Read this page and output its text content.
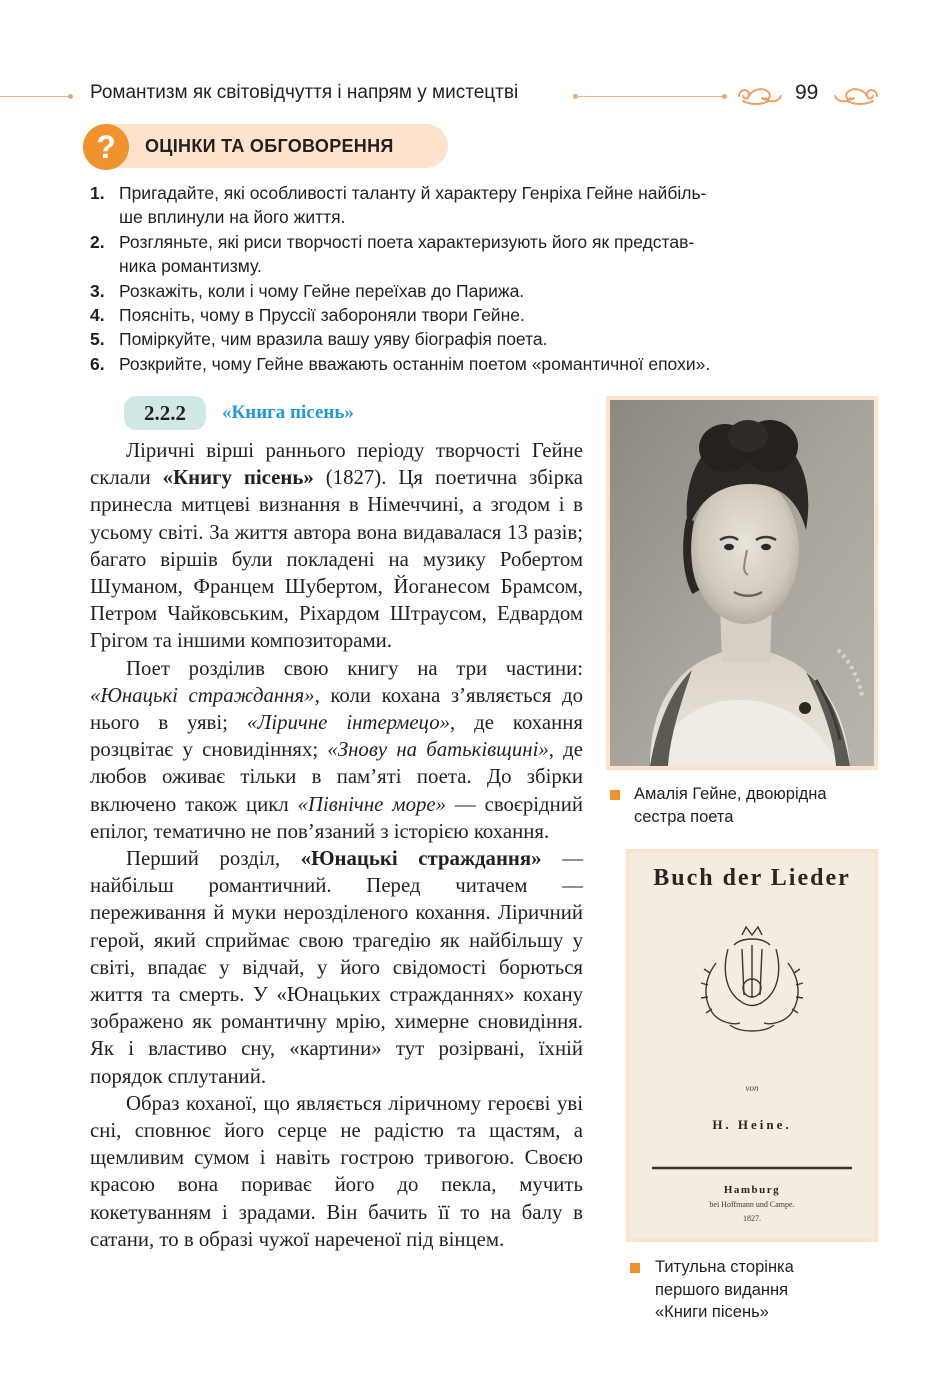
Романтизм як світовідчуття і напрям у мистецтві	99
?	ОЦІНКИ ТА ОБГОВОРЕННЯ
1. Пригадайте, які особливості таланту й характеру Генріха Гейне найбіль-
ше вплинули на його життя.
2. Розгляньте, які риси творчості поета характеризують його як представ-
ника романтизму.
3. Розкажіть, коли і чому Гейне переїхав до Парижа.
4. Поясніть, чому в Пруссії забороняли твори Гейне.
5. Поміркуйте, чим вразила вашу уяву біографія поета.
6. Розкрийте, чому Гейне вважають останнім поетом «романтичної епохи».
2.2.2	«Книга пісень»

Ліричні вірші раннього періоду творчості Гейне склали «Книгу пісень» (1827). Ця поетична збірка принесла митцеві визнання в Німеччині, а згодом і в усьому світі. За життя автора вона видавалася 13 разів; багато віршів були покладені на музику Робертом Шуманом, Францем Шубертом, Йоганесом Брамсом, Петром Чайковським, Ріхардом Штраусом, Едвардом Грігом та іншими композиторами.

Поет розділив свою книгу на три частини: «Юнацькі страждання», коли кохана з’являється до нього в уяві; «Ліричне інтермецо», де кохання розцвітає у сновидіннях; «Знову на батьківщині», де любов оживає тільки в пам’яті поета. До збірки включено також цикл «Північне море» — своєрідний епілог, тематично не пов’язаний з історією кохання.

Перший розділ, «Юнацькі страждання» — найбільш романтичний. Перед читачем — переживання й муки нерозділеного кохання. Ліричний герой, який сприймає свою трагедію як найбільшу у світі, впадає у відчай, у його свідомості борються життя та смерть. У «Юнацьких стражданнях» кохану зображено як романтичну мрію, химерне сновидіння. Як і властиво сну, «картини» тут розірвані, їхній порядок сплутаний.

Образ коханої, що являється ліричному героєві уві сні, сповнює його серце не радістю та щастям, а щемливим сумом і навіть гострою тривогою. Своєю красою вона пориває його до пекла, мучить кокетуванням і зрадами. Він бачить її то на балу в сатани, то в образі чужої нареченої під вінцем.

Амалія Гейне, двоюрідна
сестра поета
Buch der Lieder
von
H. Heine.
Hamburg
bei Hoffmann und Campe.
1827.
Титульна сторінка
першого видання
«Книги пісень»
